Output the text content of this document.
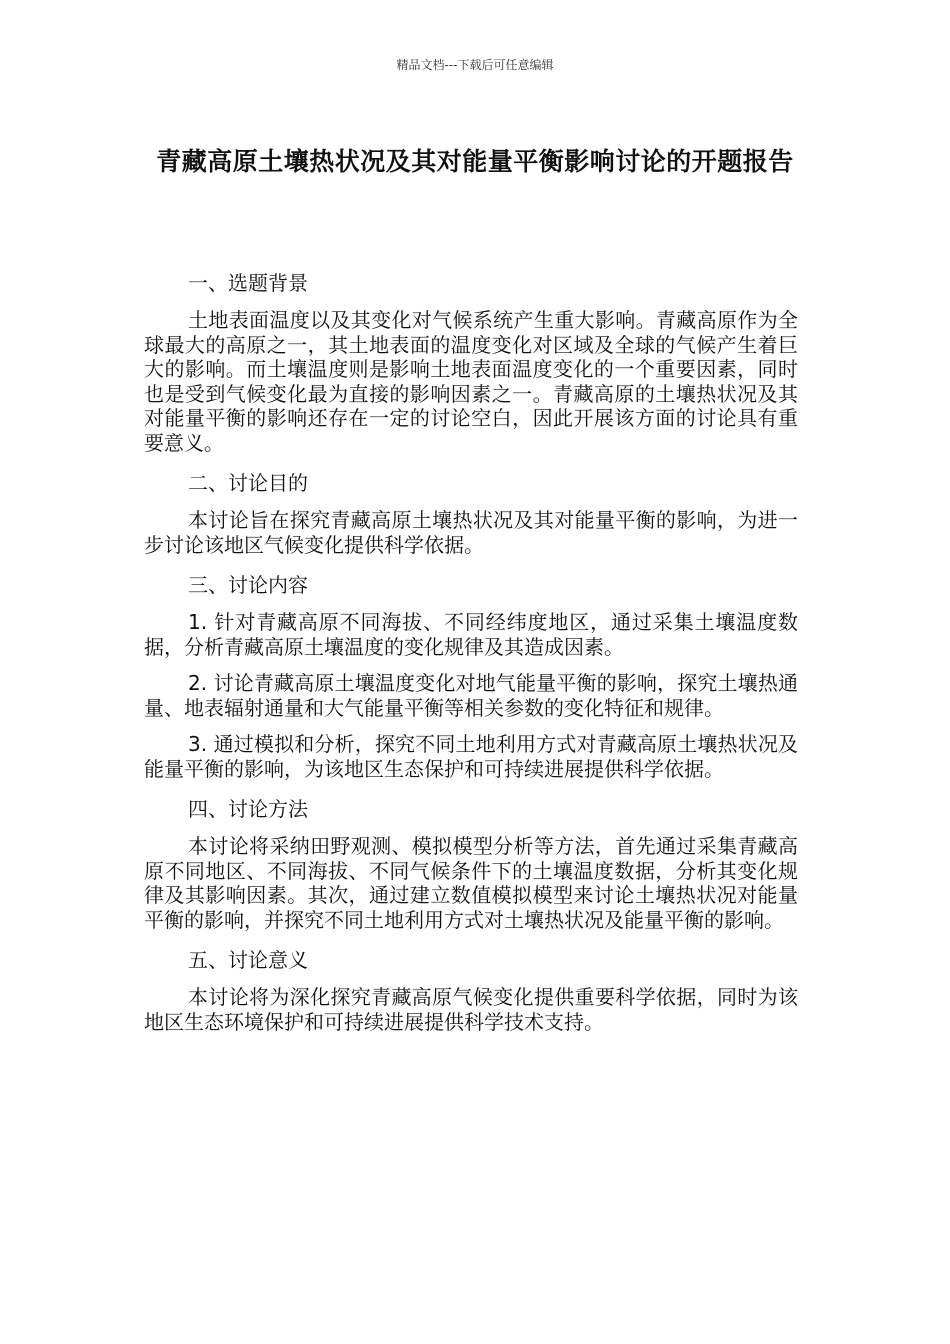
精品文档---下载后可任意编辑
青藏高原土壤热状况及其对能量平衡影响讨论的开题报告
一、选题背景

土地表面温度以及其变化对气候系统产生重大影响。青藏高原作为全球最大的高原之一，其土地表面的温度变化对区域及全球的气候产生着巨大的影响。而土壤温度则是影响土地表面温度变化的一个重要因素，同时也是受到气候变化最为直接的影响因素之一。青藏高原的土壤热状况及其对能量平衡的影响还存在一定的讨论空白，因此开展该方面的讨论具有重要意义。

二、讨论目的

本讨论旨在探究青藏高原土壤热状况及其对能量平衡的影响，为进一步讨论该地区气候变化提供科学依据。

三、讨论内容

1. 针对青藏高原不同海拔、不同经纬度地区，通过采集土壤温度数据，分析青藏高原土壤温度的变化规律及其造成因素。

2. 讨论青藏高原土壤温度变化对地气能量平衡的影响，探究土壤热通量、地表辐射通量和大气能量平衡等相关参数的变化特征和规律。

3. 通过模拟和分析，探究不同土地利用方式对青藏高原土壤热状况及能量平衡的影响，为该地区生态保护和可持续进展提供科学依据。

四、讨论方法

本讨论将采纳田野观测、模拟模型分析等方法，首先通过采集青藏高原不同地区、不同海拔、不同气候条件下的土壤温度数据，分析其变化规律及其影响因素。其次，通过建立数值模拟模型来讨论土壤热状况对能量平衡的影响，并探究不同土地利用方式对土壤热状况及能量平衡的影响。

五、讨论意义

本讨论将为深化探究青藏高原气候变化提供重要科学依据，同时为该地区生态环境保护和可持续进展提供科学技术支持。
